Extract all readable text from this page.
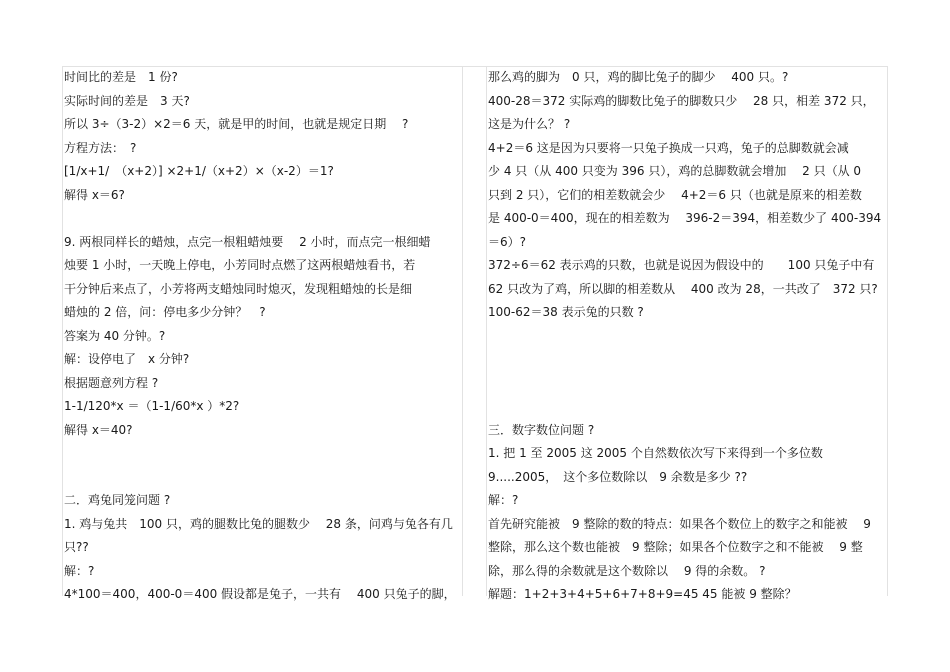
时间比的差是　1 份?
实际时间的差是　3 天?
所以 3÷（3-2）×2＝6 天，就是甲的时间，也就是规定日期　 ?
方程方法：　?
[1/x+1/　（x+2）] ×2+1/（x+2）×（x-2）＝1?
解得 x＝6?
9. 两根同样长的蜡烛，点完一根粗蜡烛要　 2 小时，而点完一根细蜡
烛要 1 小时，一天晚上停电，小芳同时点燃了这两根蜡烛看书，若
干分钟后来点了，小芳将两支蜡烛同时熄灭，发现粗蜡烛的长是细
蜡烛的 2 倍，问：停电多少分钟？　?
答案为 40 分钟。?
解：设停电了　x 分钟?
根据题意列方程 ?
1-1/120*x ＝（1-1/60*x ）*2?
解得 x＝40?
二．鸡兔同笼问题 ?
1. 鸡与兔共　100 只，鸡的腿数比兔的腿数少　 28 条，问鸡与兔各有几
只??
解：?
4*100＝400，400-0＝400 假设都是兔子，一共有　 400 只兔子的脚，
那么鸡的脚为　0 只，鸡的脚比兔子的脚少　 400 只。?
400-28＝372 实际鸡的脚数比兔子的脚数只少　 28 只，相差 372 只，
这是为什么？ ?
4+2＝6 这是因为只要将一只兔子换成一只鸡，兔子的总脚数就会减
少 4 只（从 400 只变为 396 只），鸡的总脚数就会增加　 2 只（从 0
只到 2 只），它们的相差数就会少　 4+2＝6 只（也就是原来的相差数
是 400-0＝400，现在的相差数为　 396-2＝394，相差数少了 400-394
＝6）?
372÷6＝62 表示鸡的只数，也就是说因为假设中的　　100 只兔子中有
62 只改为了鸡，所以脚的相差数从　 400 改为 28，一共改了　372 只?
100-62＝38 表示兔的只数 ?
三．数字数位问题 ?
1. 把 1 至 2005 这 2005 个自然数依次写下来得到一个多位数
9.....2005，　这个多位数除以　9 余数是多少 ??
解：?
首先研究能被　9 整除的数的特点：如果各个数位上的数字之和能被　 9
整除，那么这个数也能被　9 整除；如果各个位数字之和不能被　 9 整
除，那么得的余数就是这个数除以　 9 得的余数。 ?
解题：1+2+3+4+5+6+7+8+9=45 45 能被 9 整除？
